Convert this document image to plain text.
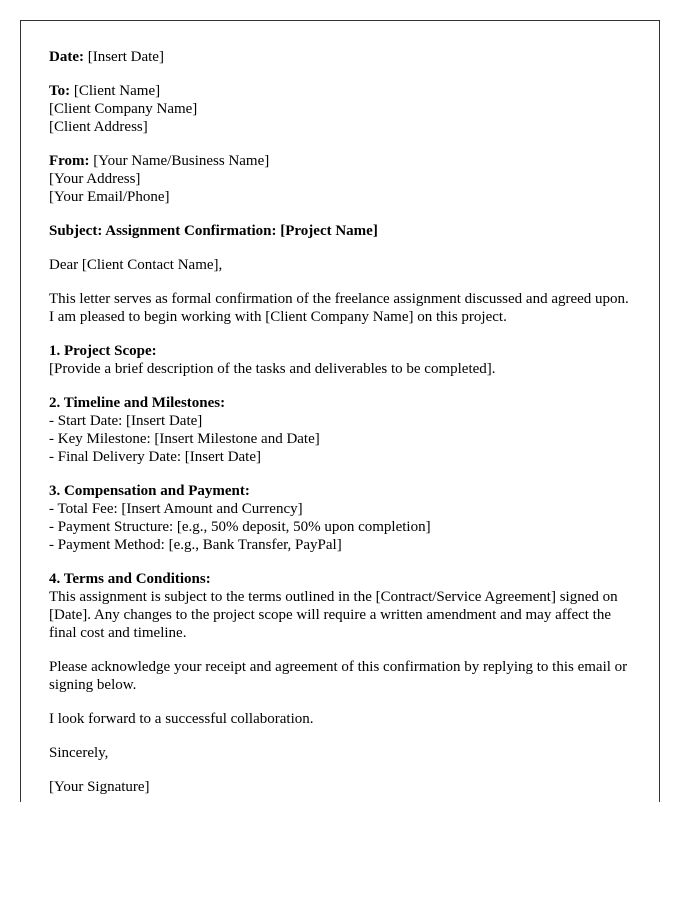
Date: [Insert Date]

To: [Client Name]
[Client Company Name]
[Client Address]

From: [Your Name/Business Name]
[Your Address]
[Your Email/Phone]

Subject: Assignment Confirmation: [Project Name]

Dear [Client Contact Name],

This letter serves as formal confirmation of the freelance assignment discussed and agreed upon. I am pleased to begin working with [Client Company Name] on this project.

1. Project Scope:
[Provide a brief description of the tasks and deliverables to be completed].

2. Timeline and Milestones:
- Start Date: [Insert Date]
- Key Milestone: [Insert Milestone and Date]
- Final Delivery Date: [Insert Date]

3. Compensation and Payment:
- Total Fee: [Insert Amount and Currency]
- Payment Structure: [e.g., 50% deposit, 50% upon completion]
- Payment Method: [e.g., Bank Transfer, PayPal]

4. Terms and Conditions:
This assignment is subject to the terms outlined in the [Contract/Service Agreement] signed on [Date]. Any changes to the project scope will require a written amendment and may affect the final cost and timeline.

Please acknowledge your receipt and agreement of this confirmation by replying to this email or signing below.

I look forward to a successful collaboration.

Sincerely,

[Your Signature]
